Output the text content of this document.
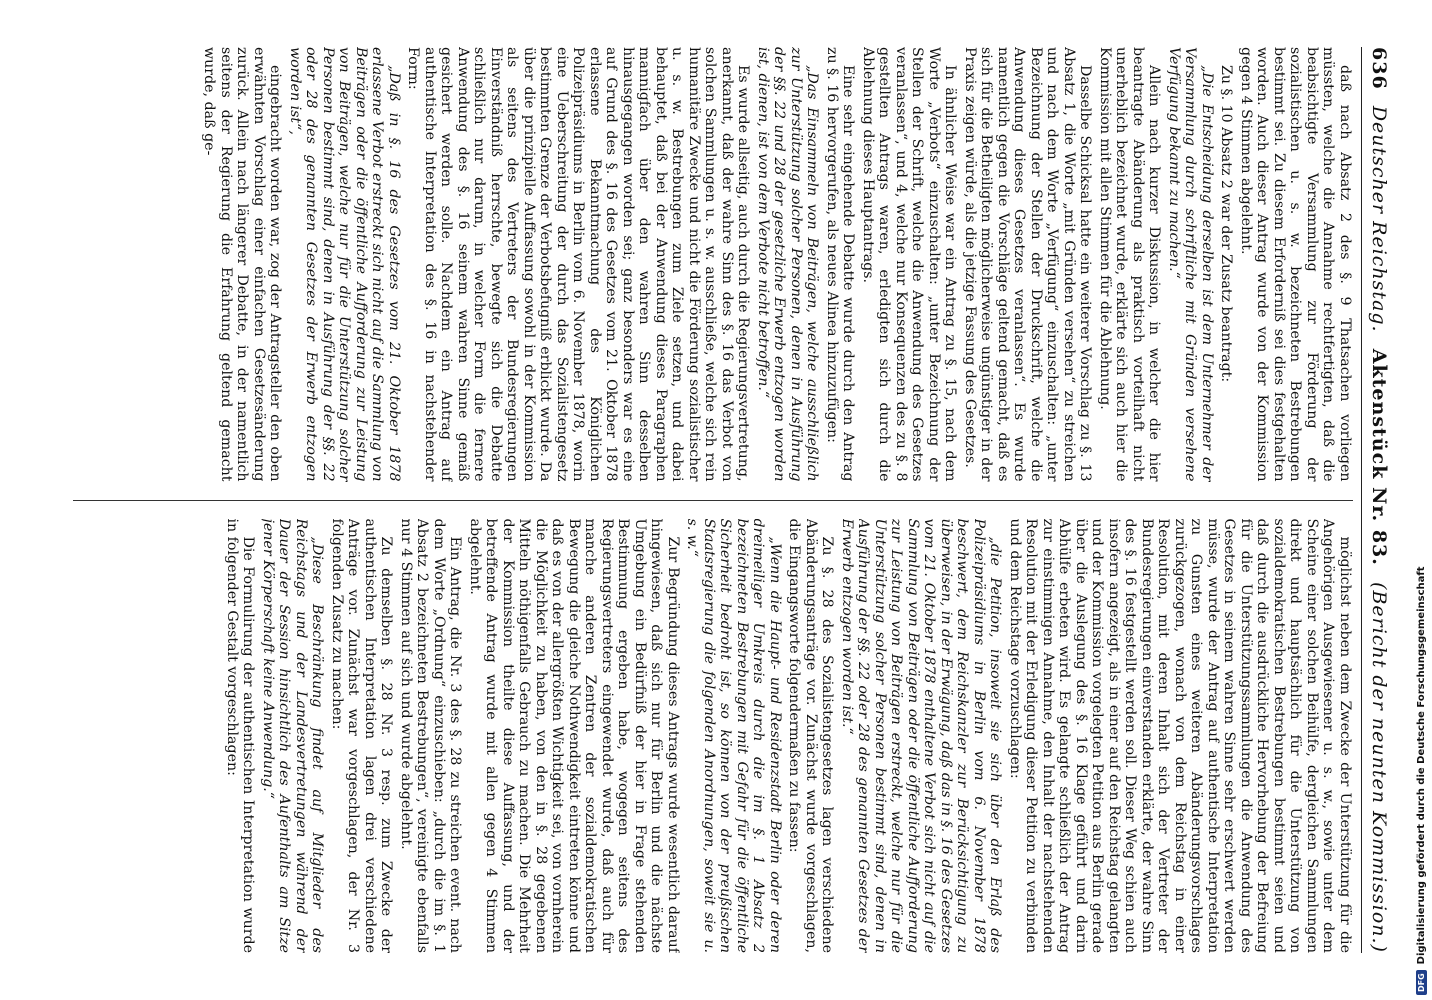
636
Deutscher Reichstag.
Aktenstück Nr. 83.
(Bericht der neunten Kommission.)

daß nach Absatz 2 des §. 9 Thatsachen vorliegen müssten, welche die Annahme rechtfertigten, daß die beabsichtigte Versammlung zur Förderung der sozialistischen u. s. w. bezeichneten Bestrebungen bestimmt sei. Zu diesem Erforderniß sei dies festgehalten worden. Auch dieser Antrag wurde von der Kommission gegen 4 Stimmen abgelehnt.

Zu §. 10 Absatz 2 war der Zusatz beantragt:

„Die Entscheidung derselben ist dem Unternehmer der Versammlung durch schriftliche mit Gründen versehene Verfügung bekannt zu machen.“

Allein nach kurzer Diskussion, in welcher die hier beantragte Abänderung als praktisch vorteilhaft nicht unerheblich bezeichnet wurde, erklärte sich auch hier die Kommission mit allen Stimmen für die Ablehnung.

Dasselbe Schicksal hatte ein weiterer Vorschlag zu §. 13 Absatz 1, die Worte „mit Gründen versehen“ zu streichen und nach dem Worte „Verfügung“ einzuschalten: „unter Bezeichnung der Stellen der Druckschrift, welche die Anwendung dieses Gesetzes veranlassen“. Es wurde namentlich gegen die Vorschläge geltend gemacht, daß es sich für die Betheiligten möglicherweise ungünstiger in der Praxis zeigen würde, als die jetzige Fassung des Gesetzes.

In ähnlicher Weise war ein Antrag zu §. 15, nach dem Worte „Verbots“ einzuschalten: „unter Bezeichnung der Stellen der Schrift, welche die Anwendung des Gesetzes veranlassen“, und 4, welche nur Konsequenzen des zu §. 8 gestellten Antrags waren, erledigten sich durch die Ablehnung dieses Hauptantrags.

Eine sehr eingehende Debatte wurde durch den Antrag zu §. 16 hervorgerufen, als neues Alinea hinzuzufügen:

„Das Einsammeln von Beiträgen, welche ausschließlich zur Unterstützung solcher Personen, denen in Ausführung der §§. 22 und 28 der gesetzliche Erwerb entzogen worden ist, dienen, ist von dem Verbote nicht betroffen.“

Es wurde allseitig, auch durch die Regierungsvertretung, anerkannt, daß der wahre Sinn des §. 16 das Verbot von solchen Sammlungen u. s. w. ausschließe, welche sich rein humanitäre Zwecke und nicht die Förderung sozialistischer u. s. w. Bestrebungen zum Ziele setzen, und dabei behauptet, daß bei der Anwendung dieses Paragraphen mannigfach über den wahren Sinn desselben hinausgegangen worden sei; ganz besonders war es eine auf Grund des §. 16 des Gesetzes vom 21. Oktober 1878 erlassene Bekanntmachung des Königlichen Polizeipräsidiums in Berlin vom 6. November 1878, worin eine Ueberschreitung der durch das Sozialistengesetz bestimmten Grenze der Verbotsbefugniß erblickt wurde. Da über die prinzipielle Auffassung sowohl in der Kommission als seitens des Vertreters der Bundesregierungen Einverständniß herrschte, bewegte sich die Debatte schließlich nur darum, in welcher Form die fernere Anwendung des §. 16 seinem wahren Sinne gemäß gesichert werden solle. Nachdem ein Antrag auf authentische Interpretation des §. 16 in nachstehender Form:

„Daß in §. 16 des Gesetzes vom 21. Oktober 1878 erlassene Verbot erstreckt sich nicht auf die Sammlung von Beiträgen oder die öffentliche Aufforderung zur Leistung von Beiträgen, welche nur für die Unterstützung solcher Personen bestimmt sind, denen in Ausführung der §§. 22 oder 28 des genannten Gesetzes der Erwerb entzogen worden ist“,

eingebracht worden war, zog der Antragsteller den oben erwähnten Vorschlag einer einfachen Gesetzesänderung zurück. Allein nach längerer Debatte, in der namentlich seitens der Regierung die Erfahrung geltend gemacht wurde, daß ge-

möglichst neben dem Zwecke der Unterstützung für die Angehörigen Ausgewiesener u. s. w., sowie unter dem Scheine einer solchen Beihülfe, dergleichen Sammlungen direkt und hauptsächlich für die Unterstützung von sozialdemokratischen Bestrebungen bestimmt seien und daß durch die ausdrückliche Hervorhebung der Befreiung für die Unterstützungssammlungen die Anwendung des Gesetzes in seinem wahren Sinne sehr erschwert werden müsse, wurde der Antrag auf authentische Interpretation zu Gunsten eines weiteren Abänderungsvorschlages zurückgezogen, wonach von dem Reichstag in einer Resolution, mit deren Inhalt sich der Vertreter der Bundesregierungen einverstanden erklärte, der wahre Sinn des §. 16 festgestellt werden soll. Dieser Weg schien auch insofern angezeigt, als in einer auf den Reichstag gelangten und der Kommission vorgelegten Petition aus Berlin gerade über die Auslegung des §. 16 Klage geführt und darin Abhülfe erbeten wird. Es gelangte schließlich der Antrag zur einstimmigen Annahme, den Inhalt der nachstehenden Resolution mit der Erledigung dieser Petition zu verbinden und dem Reichstage vorzuschlagen:

„die Petition, insoweit sie sich über den Erlaß des Polizeipräsidiums in Berlin vom 6. November 1878 beschwert, dem Reichskanzler zur Berücksichtigung zu überweisen, in der Erwägung, daß das in §. 16 des Gesetzes vom 21. Oktober 1878 enthaltene Verbot sich nicht auf die Sammlung von Beiträgen oder die öffentliche Aufforderung zur Leistung von Beiträgen erstreckt, welche nur für die Unterstützung solcher Personen bestimmt sind, denen in Ausführung der §§. 22 oder 28 des genannten Gesetzes der Erwerb entzogen worden ist.“

Zu §. 28 des Sozialistengesetzes lagen verschiedene Abänderungsanträge vor. Zunächst wurde vorgeschlagen, die Eingangsworte folgendermaßen zu fassen:

„Wenn die Haupt- und Residenzstadt Berlin oder deren dreimeiliger Umkreis durch die im §. 1 Absatz 2 bezeichneten Bestrebungen mit Gefahr für die öffentliche Sicherheit bedroht ist, so können von der preußischen Staatsregierung die folgenden Anordnungen, soweit sie u. s. w.“

Zur Begründung dieses Antrags wurde wesentlich darauf hingewiesen, daß sich nur für Berlin und die nächste Umgebung ein Bedürfniß der hier in Frage stehenden Bestimmung ergeben habe, wogegen seitens des Regierungsvertreters eingewendet wurde, daß auch für manche anderen Zentren der sozialdemokratischen Bewegung die gleiche Nothwendigkeit eintreten könne und daß es von der allergrößten Wichtigkeit sei, von vornherein die Möglichkeit zu haben, von den in §. 28 gegebenen Mitteln nöthigenfalls Gebrauch zu machen. Die Mehrheit der Kommission theilte diese Auffassung, und der betreffende Antrag wurde mit allen gegen 4 Stimmen abgelehnt.

Ein Antrag, die Nr. 3 des §. 28 zu streichen event. nach dem Worte „Ordnung“ einzuschieben: „durch die im §. 1 Absatz 2 bezeichneten Bestrebungen“, vereinigte ebenfalls nur 4 Stimmen auf sich und wurde abgelehnt.

Zu demselben §. 28 Nr. 3 resp. zum Zwecke der authentischen Interpretation lagen drei verschiedene Anträge vor. Zunächst war vorgeschlagen, der Nr. 3 folgenden Zusatz zu machen:

„Diese Beschränkung findet auf Mitglieder des Reichstags und der Landesvertretungen während der Dauer der Session hinsichtlich des Aufenthalts am Sitze jener Körperschaft keine Anwendung.“

Die Formulirung der authentischen Interpretation wurde in folgender Gestalt vorgeschlagen:

DFG
Digitalisierung gefördert durch die Deutsche Forschungsgemeinschaft
